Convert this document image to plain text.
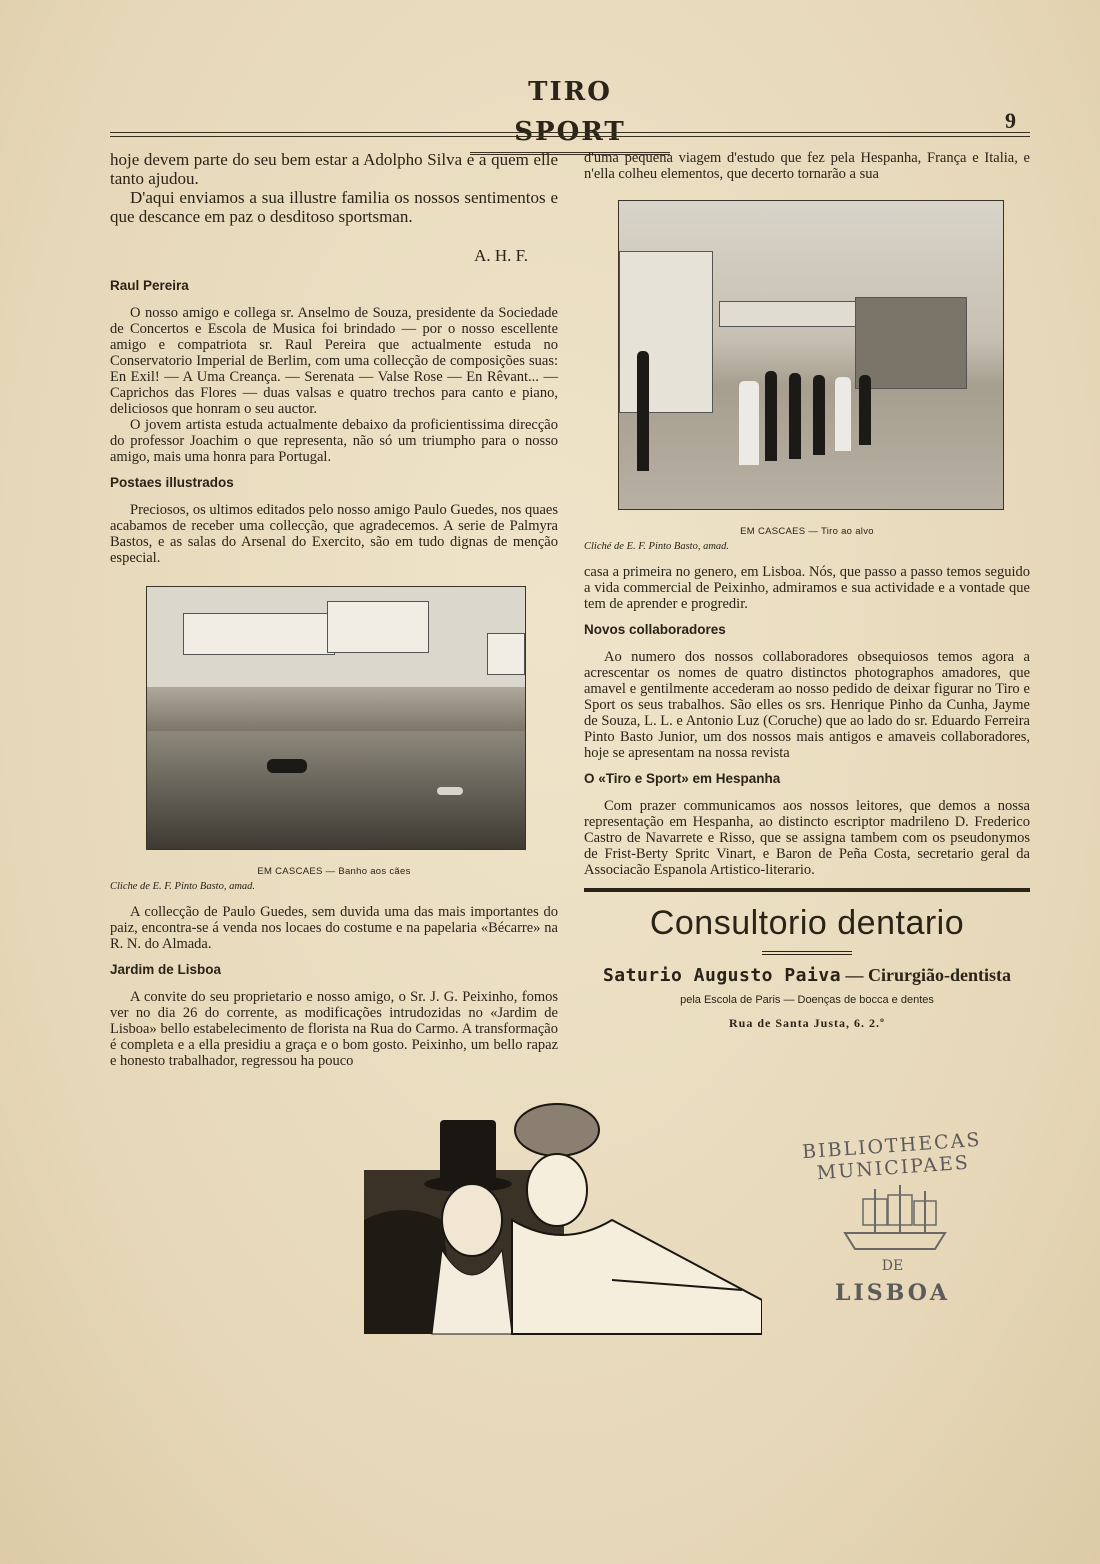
TIRO SPORT	9

hoje devem parte do seu bem estar a Adolpho Silva e a quem elle tanto ajudou.

D'aqui enviamos a sua illustre familia os nossos sentimentos e que descance em paz o desditoso sportsman.

A. H. F.
Raul Pereira

O nosso amigo e collega sr. Anselmo de Souza, presidente da Sociedade de Concertos e Escola de Musica foi brindado — por o nosso escellente amigo e compatriota sr. Raul Pereira que actualmente estuda no Conservatorio Imperial de Berlim, com uma collecção de composições suas: En Exil! — A Uma Creança. — Serenata — Valse Rose — En Rêvant... — Caprichos das Flores — duas valsas e quatro trechos para canto e piano, deliciosos que honram o seu auctor.

O jovem artista estuda actualmente debaixo da proficientissima direcção do professor Joachim o que representa, não só um triumpho para o nosso amigo, mais uma honra para Portugal.

Postaes illustrados

Preciosos, os ultimos editados pelo nosso amigo Paulo Guedes, nos quaes acabamos de receber uma collecção, que agradecemos. A serie de Palmyra Bastos, e as salas do Arsenal do Exercito, são em tudo dignas de menção especial.

EM CASCAES — Banho aos cães
Cliche de E. F. Pinto Basto, amad.

A collecção de Paulo Guedes, sem duvida uma das mais importantes do paiz, encontra-se á venda nos locaes do costume e na papelaria «Bécarre» na R. N. do Almada.

Jardim de Lisboa

A convite do seu proprietario e nosso amigo, o Sr. J. G. Peixinho, fomos ver no dia 26 do corrente, as modificações intrudozidas no «Jardim de Lisboa» bello estabelecimento de florista na Rua do Carmo. A transformação é completa e a ella presidiu a graça e o bom gosto. Peixinho, um bello rapaz e honesto trabalhador, regressou ha pouco

d'uma pequena viagem d'estudo que fez pela Hespanha, França e Italia, e n'ella colheu elementos, que decerto tornarão a sua

EM CASCAES — Tiro ao alvo
Cliché de E. F. Pinto Basto, amad.

casa a primeira no genero, em Lisboa. Nós, que passo a passo temos seguido a vida commercial de Peixinho, admiramos e sua actividade e a vontade que tem de aprender e progredir.

Novos collaboradores

Ao numero dos nossos collaboradores obsequiosos temos agora a acrescentar os nomes de quatro distinctos photographos amadores, que amavel e gentilmente accederam ao nosso pedido de deixar figurar no Tiro e Sport os seus trabalhos. São elles os srs. Henrique Pinho da Cunha, Jayme de Souza, L. L. e Antonio Luz (Coruche) que ao lado do sr. Eduardo Ferreira Pinto Basto Junior, um dos nossos mais antigos e amaveis collaboradores, hoje se apresentam na nossa revista

O «Tiro e Sport» em Hespanha

Com prazer communicamos aos nossos leitores, que demos a nossa representação em Hespanha, ao distincto escriptor madrileno D. Frederico Castro de Navarrete e Risso, que se assigna tambem com os pseudonymos de Frist-Berty Spritc Vinart, e Baron de Peña Costa, secretario geral da Associacão Espanola Artistico-literario.

Consultorio dentario
Saturio Augusto Paiva — Cirurgião-dentista
pela Escola de Paris — Doenças de bocca e dentes
Rua de Santa Justa, 6. 2.º
BIBLIOTHECAS MUNICIPAES
DE
LISBOA
